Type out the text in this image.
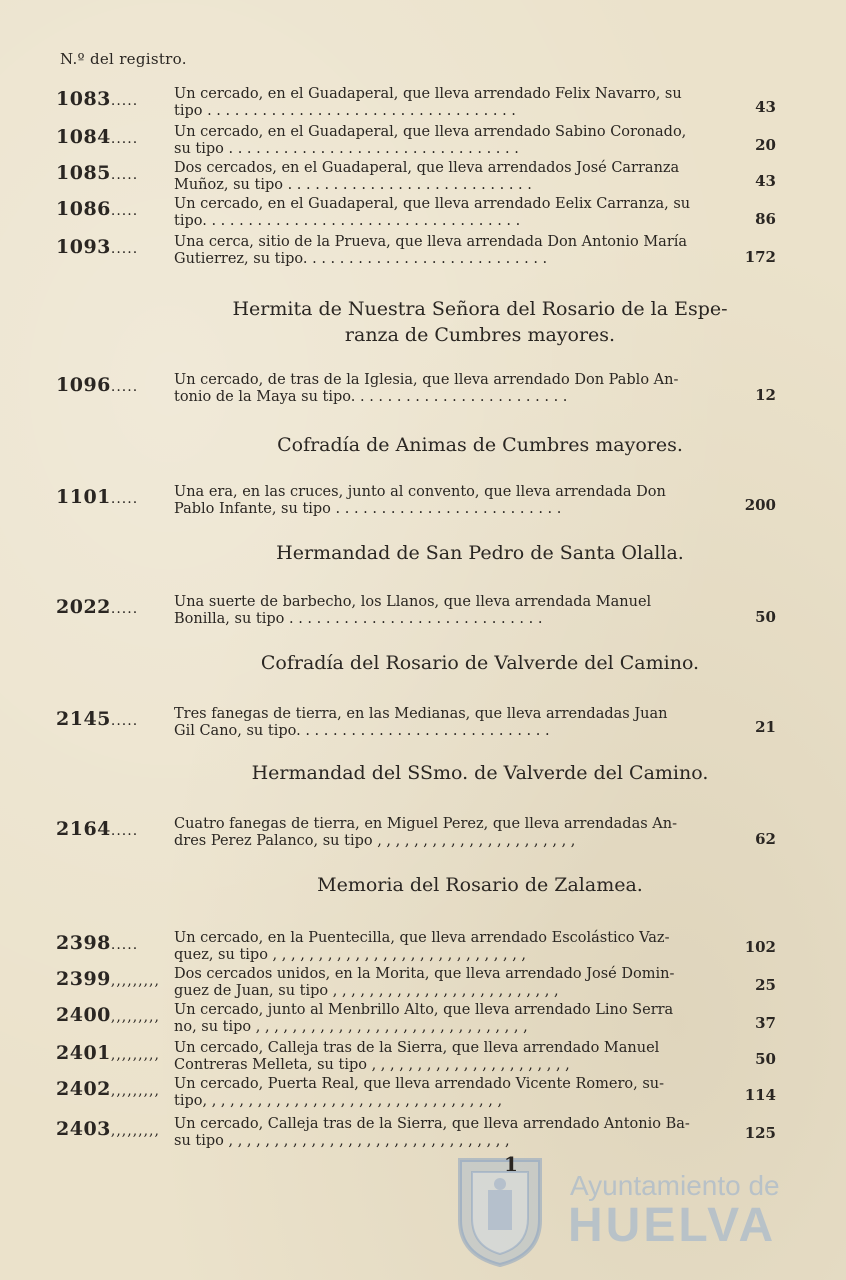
N.º del registro.
1083..... Un cercado, en el Guadaperal, que lleva arrendado Felix Navarro, su
tipo . . . . . . . . . . . . . . . . . . . . . . . . . . . . . . . . . .	43
1084..... Un cercado, en el Guadaperal, que lleva arrendado Sabino Coronado,
su tipo . . . . . . . . . . . . . . . . . . . . . . . . . . . . . . . .	20
1085..... Dos cercados, en el Guadaperal, que lleva arrendados José Carranza
Muñoz, su tipo . . . . . . . . . . . . . . . . . . . . . . . . . . .	43
1086..... Un cercado, en el Guadaperal, que lleva arrendado Eelix Carranza, su
tipo. . . . . . . . . . . . . . . . . . . . . . . . . . . . . . . . . . .	86
1093..... Una cerca, sitio de la Prueva, que lleva arrendada Don Antonio María
Gutierrez, su tipo. . . . . . . . . . . . . . . . . . . . . . . . . . .	172
Hermita de Nuestra Señora del Rosario de la Espe-
ranza de Cumbres mayores.
1096..... Un cercado, de tras de la Iglesia, que lleva arrendado Don Pablo An-
tonio de la Maya su tipo. . . . . . . . . . . . . . . . . . . . . . . .	12
Cofradía de Animas de Cumbres mayores.
1101..... Una era, en las cruces, junto al convento, que lleva arrendada Don
Pablo Infante, su tipo . . . . . . . . . . . . . . . . . . . . . . . . .	200
Hermandad de San Pedro de Santa Olalla.
2022..... Una suerte de barbecho, los Llanos, que lleva arrendada Manuel
Bonilla, su tipo . . . . . . . . . . . . . . . . . . . . . . . . . . . .	50
Cofradía del Rosario de Valverde del Camino.
2145..... Tres fanegas de tierra, en las Medianas, que lleva arrendadas Juan
Gil Cano, su tipo. . . . . . . . . . . . . . . . . . . . . . . . . . . .	21
Hermandad del SSmo. de Valverde del Camino.
2164..... Cuatro fanegas de tierra, en Miguel Perez, que lleva arrendadas An-
dres Perez Palanco, su tipo , , , , , , , , , , , , , , , , , , , , , ,	62
Memoria del Rosario de Zalamea.
2398..... Un cercado, en la Puentecilla, que lleva arrendado Escolástico Vaz-
quez, su tipo , , , , , , , , , , , , , , , , , , , , , , , , , , , ,	102
2399,,,,,,,,, Dos cercados unidos, en la Morita, que lleva arrendado José Domin-
guez de Juan, su tipo , , , , , , , , , , , , , , , , , , , , , , , , ,	25
2400,,,,,,,,, Un cercado, junto al Menbrillo Alto, que lleva arrendado Lino Serra
no, su tipo , , , , , , , , , , , , , , , , , , , , , , , , , , , , , ,	37
2401,,,,,,,,, Un cercado, Calleja tras de la Sierra, que lleva arrendado Manuel
Contreras Melleta, su tipo , , , , , , , , , , , , , , , , , , , , , ,	50
2402,,,,,,,,, Un cercado, Puerta Real, que lleva arrendado Vicente Romero, su-
tipo, , , , , , , , , , , , , , , , , , , , , , , , , , , , , , , , ,	114
2403,,,,,,,,, Un cercado, Calleja tras de la Sierra, que lleva arrendado Antonio Ba-
su tipo , , , , , , , , , , , , , , , , , , , , , , , , , , , , , , ,	125
1
Ayuntamiento de
HUELVA
